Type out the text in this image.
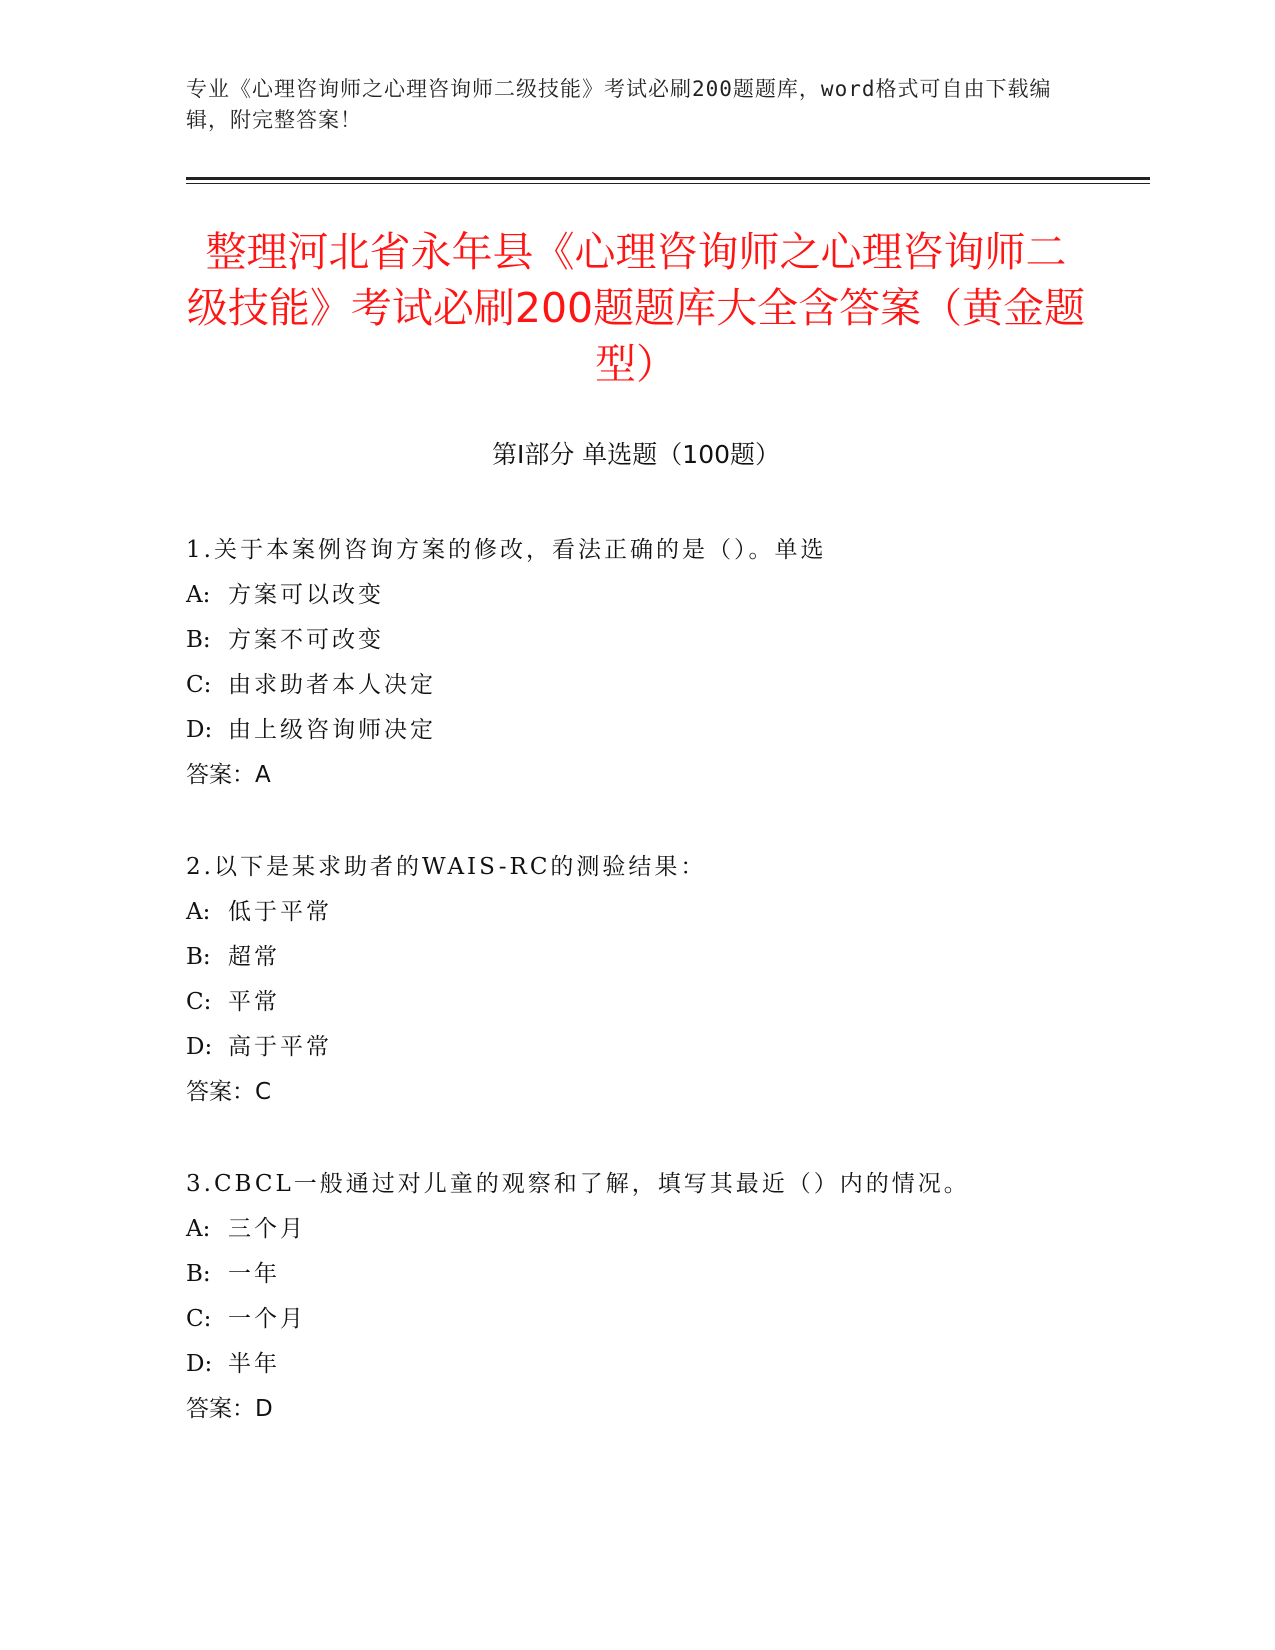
专业《心理咨询师之心理咨询师二级技能》考试必刷200题题库，word格式可自由下载编辑，附完整答案！
整理河北省永年县《心理咨询师之心理咨询师二级技能》考试必刷200题题库大全含答案（黄金题型）
第I部分 单选题（100题）
1.关于本案例咨询方案的修改，看法正确的是（）。单选
A: 方案可以改变
B: 方案不可改变
C: 由求助者本人决定
D: 由上级咨询师决定
答案：A
2.以下是某求助者的WAIS-RC的测验结果：
A: 低于平常
B: 超常
C: 平常
D: 高于平常
答案：C
3.CBCL一般通过对儿童的观察和了解，填写其最近（）内的情况。
A: 三个月
B: 一年
C: 一个月
D: 半年
答案：D
